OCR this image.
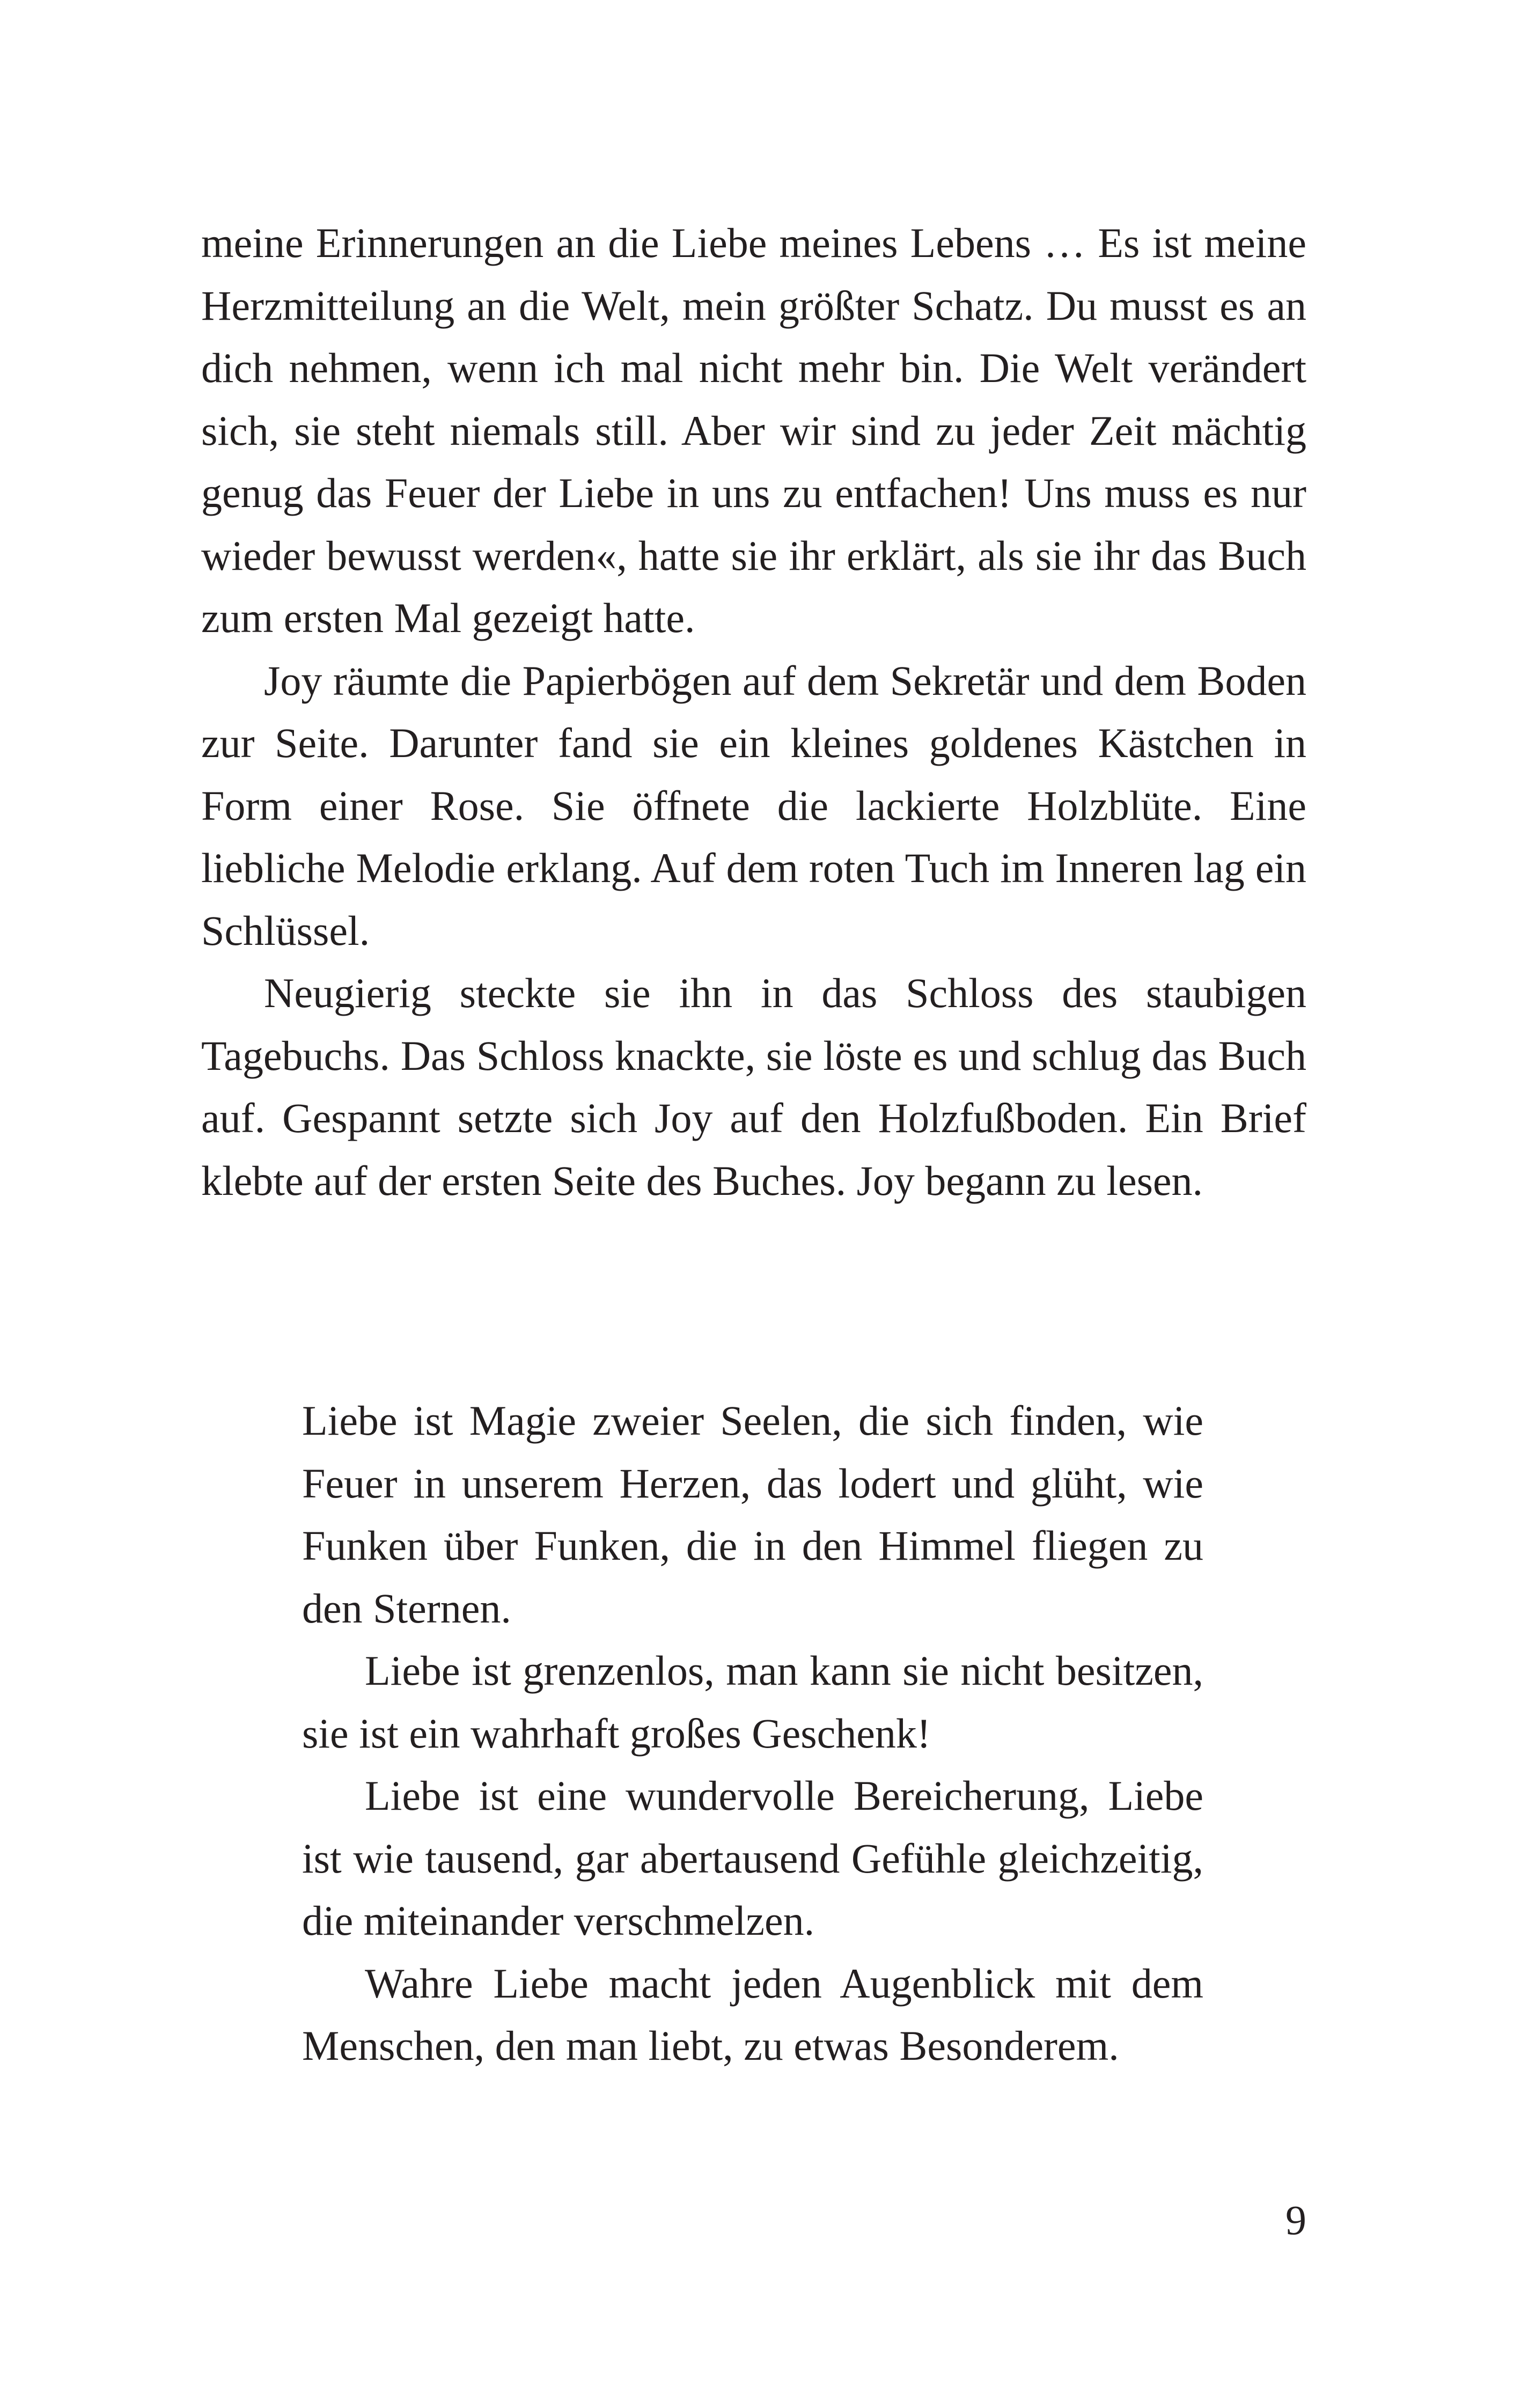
meine Erinnerungen an die Liebe meines Lebens … Es ist meine Herzmitteilung an die Welt, mein größter Schatz. Du musst es an dich nehmen, wenn ich mal nicht mehr bin. Die Welt verändert sich, sie steht niemals still. Aber wir sind zu jeder Zeit mächtig genug das Feuer der Liebe in uns zu entfachen! Uns muss es nur wieder bewusst werden«, hatte sie ihr erklärt, als sie ihr das Buch zum ersten Mal gezeigt hatte.

Joy räumte die Papierbögen auf dem Sekretär und dem Boden zur Seite. Darunter fand sie ein kleines goldenes Kästchen in Form einer Rose. Sie öffnete die lackierte Holzblüte. Eine liebliche Melodie erklang. Auf dem roten Tuch im Inneren lag ein Schlüssel.

Neugierig steckte sie ihn in das Schloss des staubigen Tagebuchs. Das Schloss knackte, sie löste es und schlug das Buch auf. Gespannt setzte sich Joy auf den Holzfußboden. Ein Brief klebte auf der ersten Seite des Buches. Joy begann zu lesen.

Liebe ist Magie zweier Seelen, die sich finden, wie Feuer in unserem Herzen, das lodert und glüht, wie Funken über Funken, die in den Himmel fliegen zu den Sternen.

Liebe ist grenzenlos, man kann sie nicht besitzen, sie ist ein wahrhaft großes Geschenk!

Liebe ist eine wundervolle Bereicherung, Liebe ist wie tausend, gar abertausend Gefühle gleichzeitig, die miteinander verschmelzen.

Wahre Liebe macht jeden Augenblick mit dem Menschen, den man liebt, zu etwas Besonderem.

9
